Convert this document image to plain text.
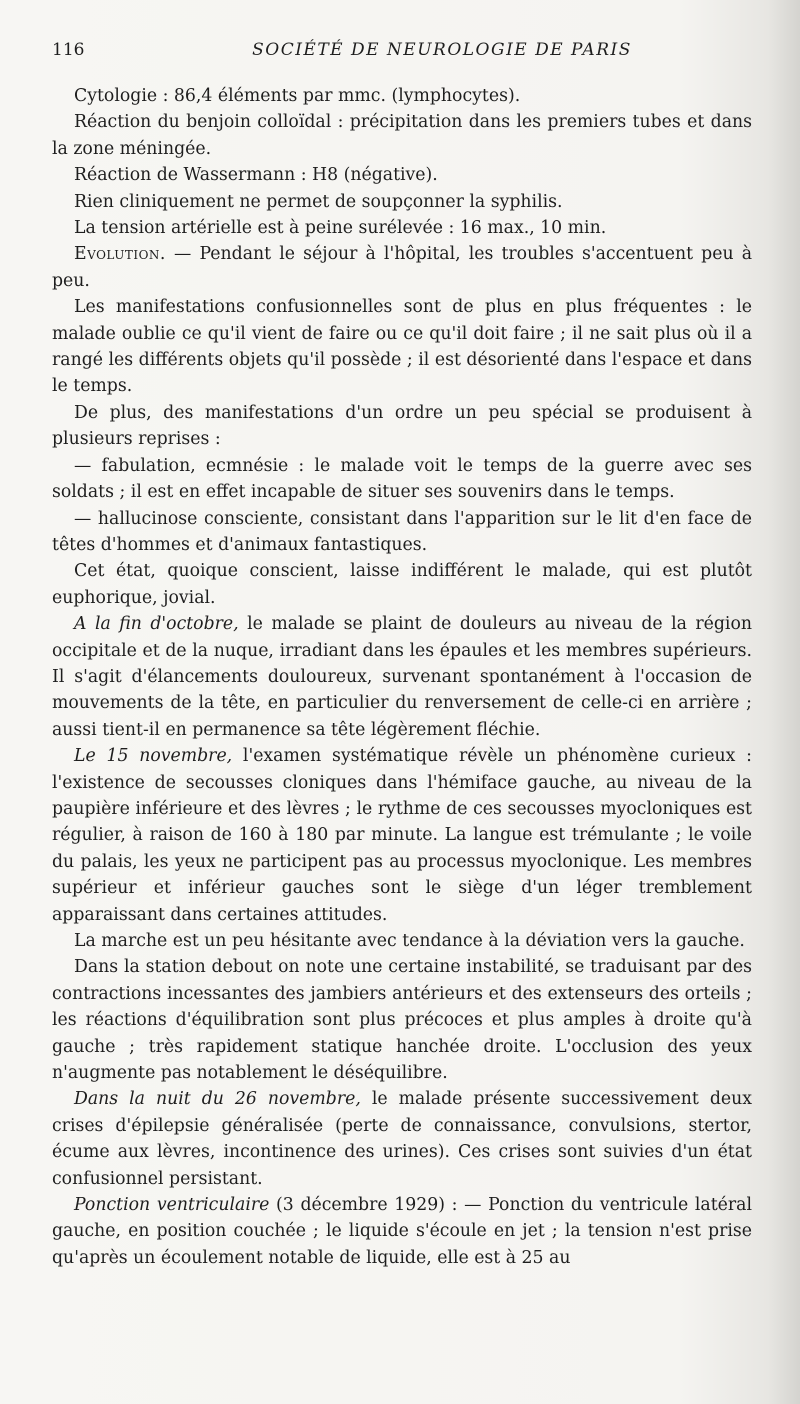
116	SOCIÉTÉ DE NEUROLOGIE DE PARIS

Cytologie : 86,4 éléments par mmc. (lymphocytes).

Réaction du benjoin colloïdal : précipitation dans les premiers tubes et dans la zone méningée.

Réaction de Wassermann : H8 (négative).

Rien cliniquement ne permet de soupçonner la syphilis.

La tension artérielle est à peine surélevée : 16 max., 10 min.

Evolution. — Pendant le séjour à l'hôpital, les troubles s'accentuent peu à peu.

Les manifestations confusionnelles sont de plus en plus fréquentes : le malade oublie ce qu'il vient de faire ou ce qu'il doit faire ; il ne sait plus où il a rangé les différents objets qu'il possède ; il est désorienté dans l'espace et dans le temps.

De plus, des manifestations d'un ordre un peu spécial se produisent à plusieurs reprises :

— fabulation, ecmnésie : le malade voit le temps de la guerre avec ses soldats ; il est en effet incapable de situer ses souvenirs dans le temps.

— hallucinose consciente, consistant dans l'apparition sur le lit d'en face de têtes d'hommes et d'animaux fantastiques.

Cet état, quoique conscient, laisse indifférent le malade, qui est plutôt euphorique, jovial.

A la fin d'octobre, le malade se plaint de douleurs au niveau de la région occipitale et de la nuque, irradiant dans les épaules et les membres supérieurs. Il s'agit d'élancements douloureux, survenant spontanément à l'occasion de mouvements de la tête, en particulier du renversement de celle-ci en arrière ; aussi tient-il en permanence sa tête légèrement fléchie.

Le 15 novembre, l'examen systématique révèle un phénomène curieux : l'existence de secousses cloniques dans l'hémiface gauche, au niveau de la paupière inférieure et des lèvres ; le rythme de ces secousses myocloniques est régulier, à raison de 160 à 180 par minute. La langue est trémulante ; le voile du palais, les yeux ne participent pas au processus myoclonique. Les membres supérieur et inférieur gauches sont le siège d'un léger tremblement apparaissant dans certaines attitudes.

La marche est un peu hésitante avec tendance à la déviation vers la gauche.

Dans la station debout on note une certaine instabilité, se traduisant par des contractions incessantes des jambiers antérieurs et des extenseurs des orteils ; les réactions d'équilibration sont plus précoces et plus amples à droite qu'à gauche ; très rapidement statique hanchée droite. L'occlusion des yeux n'augmente pas notablement le déséquilibre.

Dans la nuit du 26 novembre, le malade présente successivement deux crises d'épilepsie généralisée (perte de connaissance, convulsions, stertor, écume aux lèvres, incontinence des urines). Ces crises sont suivies d'un état confusionnel persistant.

Ponction ventriculaire (3 décembre 1929) : — Ponction du ventricule latéral gauche, en position couchée ; le liquide s'écoule en jet ; la tension n'est prise qu'après un écoulement notable de liquide, elle est à 25 au
